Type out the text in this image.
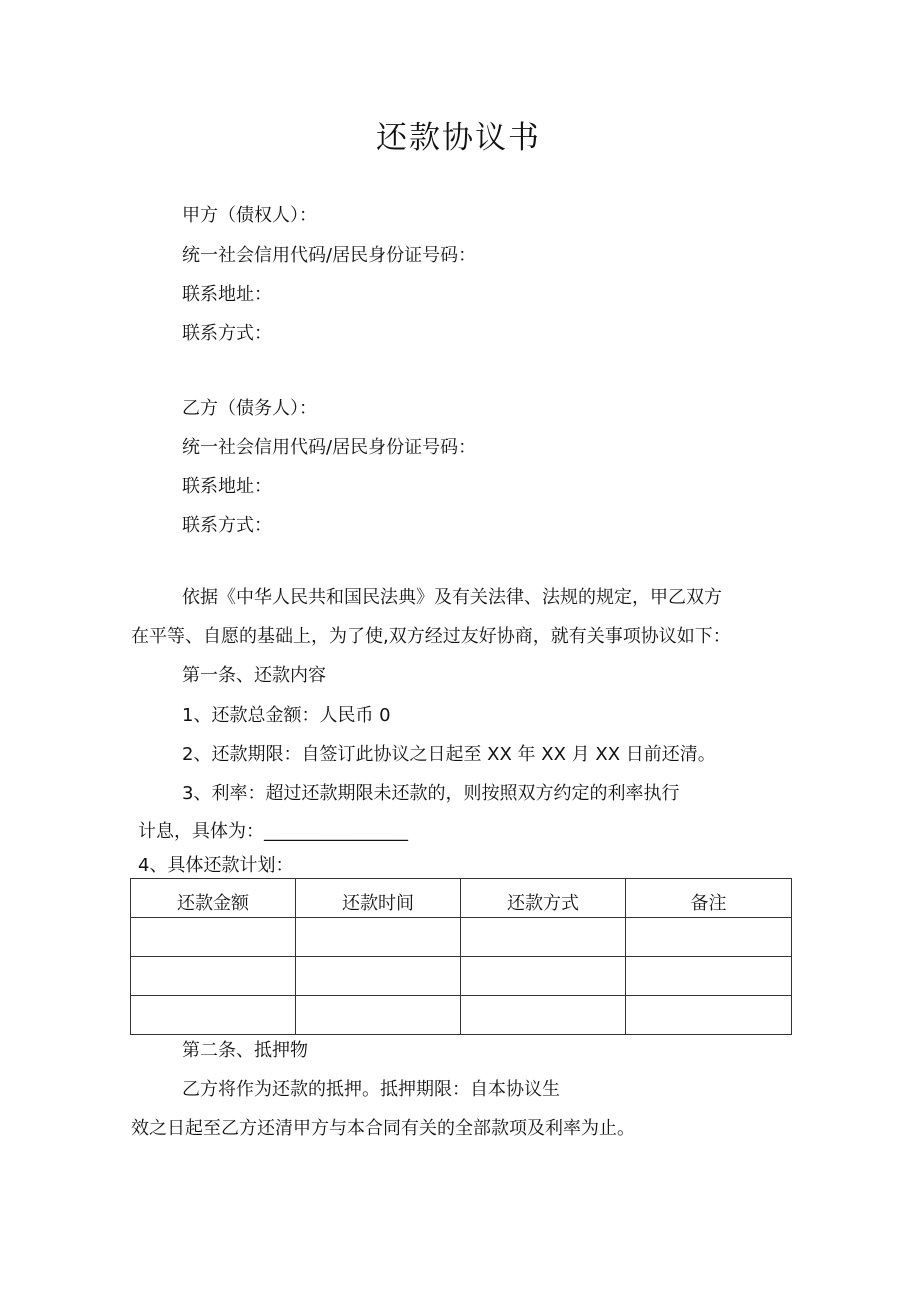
还款协议书
甲方（债权人）：
统一社会信用代码/居民身份证号码：
联系地址：
联系方式：
乙方（债务人）：
统一社会信用代码/居民身份证号码：
联系地址：
联系方式：
依据《中华人民共和国民法典》及有关法律、法规的规定，甲乙双方
在平等、自愿的基础上，为了使,双方经过友好协商，就有关事项协议如下：
第一条、还款内容
1、还款总金额：人民币 0
2、还款期限：自签订此协议之日起至 XX 年 XX 月 XX 日前还清。
3、利率：超过还款期限未还款的，则按照双方约定的利率执行
计息，具体为：________________
4、具体还款计划：
还款金额	还款时间	还款方式	备注

第二条、抵押物
乙方将作为还款的抵押。抵押期限：自本协议生
效之日起至乙方还清甲方与本合同有关的全部款项及利率为止。
